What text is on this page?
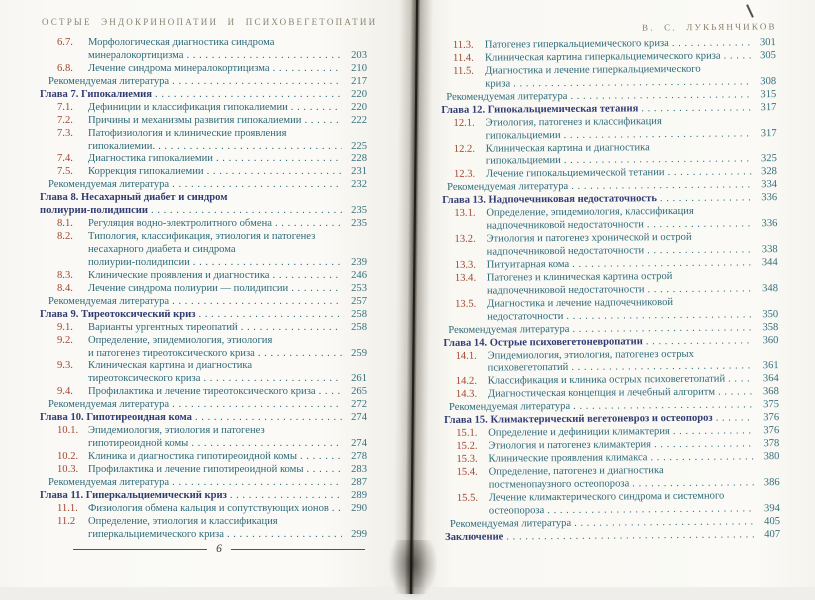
ОСТРЫЕ ЭНДОКРИНОПАТИИ И ПСИХОВЕГЕТОПАТИИ
6.7.	Морфологическая диагностика синдрома
минералокортицизма . . .	203
6.8.	Лечение синдрома минералокортицизма . . .	210
Рекомендуемая литература . . .	217
Глава 7. Гипокалиемия . . .	220
7.1.	Дефиниции и классификация гипокалиемии . . .	220
7.2.	Причины и механизмы развития гипокалиемии . . .	222
7.3.	Патофизиология и клинические проявления
гипокалиемии. . . .	225
7.4.	Диагностика гипокалиемии . . .	228
7.5.	Коррекция гипокалиемии . . .	231
Рекомендуемая литература . . .	232
Глава 8. Несахарный диабет и синдром
полиурии-полидипсии . . .	235
8.1.	Регуляция водно-электролитного обмена . . .	235
8.2.	Типология, классификация, этиология и патогенез
несахарного диабета и синдрома
полиурии-полидипсии . . .	239
8.3.	Клинические проявления и диагностика . . .	246
8.4.	Лечение синдрома полиурии — полидипсии . . .	253
Рекомендуемая литература . . .	257
Глава 9. Тиреотоксический криз . . .	258
9.1.	Варианты ургентных тиреопатий . . .	258
9.2.	Определение, эпидемиология, этиология
и патогенез тиреотоксического криза . . .	259
9.3.	Клиническая картина и диагностика
тиреотоксического криза . . .	261
9.4.	Профилактика и лечение тиреотоксического криза . . .	265
Рекомендуемая литература . . .	272
Глава 10. Гипотиреоидная кома . . .	274
10.1. Эпидемиология, этиология и патогенез
гипотиреоидной комы . . .	274
10.2. Клиника и диагностика гипотиреоидной комы . . .	278
10.3. Профилактика и лечение гипотиреоидной комы . . .	283
Рекомендуемая литература . . .	287
Глава 11. Гиперкальциемический криз . . .	289
11.1. Физиология обмена кальция и сопутствующих ионов . . .	290
11.2	Определение, этиология и классификация
гиперкальциемического криза . . .	299
6
В. С. ЛУКЬЯНЧИКОВ
11.3.	Патогенез гиперкальциемического криза . . .	301
11.4.	Клиническая картина гиперкальциемического криза . . .	305
11.5.	Диагностика и лечение гиперкальциемического
криза . . .	308
Рекомендуемая литература . . .	315
Глава 12. Гипокальциемическая тетания . . .	317
12.1.	Этиология, патогенез и классификация
гипокальциемии . . .	317
12.2.	Клиническая картина и диагностика
гипокальциемии . . .	325
12.3.	Лечение гипокальциемической тетании . . .	328
Рекомендуемая литература . . .	334
Глава 13. Надпочечниковая недостаточность . . .	336
13.1.	Определение, эпидемиология, классификация
надпочечниковой недостаточности . . .	336
13.2.	Этиология и патогенез хронической и острой
надпочечниковой недостаточности . . .	338
13.3.	Питуитарная кома . . .	344
13.4.	Патогенез и клиническая картина острой
надпочечниковой недостаточности . . .	348
13.5.	Диагностика и лечение надпочечниковой
недостаточности . . .	350
Рекомендуемая литература . . .	358
Глава 14. Острые психовегетоневропатии . . .	360
14.1.	Эпидемиология, этиология, патогенез острых
психовегетопатий . . .	361
14.2.	Классификация и клиника острых психовегетопатий . . .	364
14.3.	Диагностическая концепция и лечебный алгоритм . . .	368
Рекомендуемая литература . . .	375
Глава 15. Климактерический вегетоневроз и остеопороз . . .	376
15.1.	Определение и дефиниции климактерия . . .	376
15.2.	Этиология и патогенез климактерия . . .	378
15.3.	Клинические проявления климакса . . .	380
15.4.	Определение, патогенез и диагностика
постменопаузного остеопороза . . .	386
15.5.	Лечение климактерического синдрома и системного
остеопороза . . .	394
Рекомендуемая литература . . .	405
Заключение . . .	407
